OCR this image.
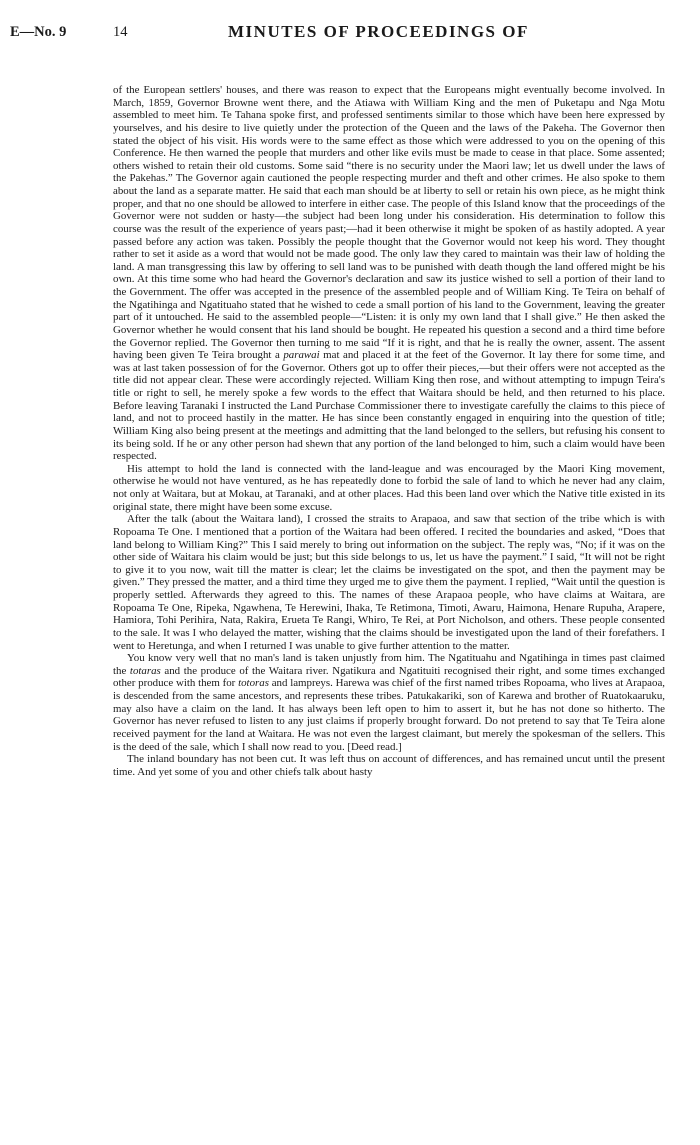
E—No. 9	14	MINUTES OF PROCEEDINGS OF

of the European settlers' houses, and there was reason to expect that the Europeans might eventually become involved. In March, 1859, Governor Browne went there, and the Atiawa with William King and the men of Puketapu and Nga Motu assembled to meet him. Te Tahana spoke first, and professed sentiments similar to those which have been here expressed by yourselves, and his desire to live quietly under the protection of the Queen and the laws of the Pakeha. The Governor then stated the object of his visit. His words were to the same effect as those which were addressed to you on the opening of this Conference. He then warned the people that murders and other like evils must be made to cease in that place. Some assented; others wished to retain their old customs. Some said “there is no security under the Maori law; let us dwell under the laws of the Pakehas.” The Governor again cautioned the people respecting murder and theft and other crimes. He also spoke to them about the land as a separate matter. He said that each man should be at liberty to sell or retain his own piece, as he might think proper, and that no one should be allowed to interfere in either case. The people of this Island know that the proceedings of the Governor were not sudden or hasty—the subject had been long under his consideration. His determination to follow this course was the result of the experience of years past;—had it been otherwise it might be spoken of as hastily adopted. A year passed before any action was taken. Possibly the people thought that the Governor would not keep his word. They thought rather to set it aside as a word that would not be made good. The only law they cared to maintain was their law of holding the land. A man transgressing this law by offering to sell land was to be punished with death though the land offered might be his own. At this time some who had heard the Governor's declaration and saw its justice wished to sell a portion of their land to the Government. The offer was accepted in the presence of the assembled people and of William King. Te Teira on behalf of the Ngatihinga and Ngatituaho stated that he wished to cede a small portion of his land to the Government, leaving the greater part of it untouched. He said to the assembled people—“Listen: it is only my own land that I shall give.” He then asked the Governor whether he would consent that his land should be bought. He repeated his question a second and a third time before the Governor replied. The Governor then turning to me said “If it is right, and that he is really the owner, assent. The assent having been given Te Teira brought a parawai mat and placed it at the feet of the Governor. It lay there for some time, and was at last taken possession of for the Governor. Others got up to offer their pieces,—but their offers were not accepted as the title did not appear clear. These were accordingly rejected. William King then rose, and without attempting to impugn Teira's title or right to sell, he merely spoke a few words to the effect that Waitara should be held, and then returned to his place. Before leaving Taranaki I instructed the Land Purchase Commissioner there to investigate carefully the claims to this piece of land, and not to proceed hastily in the matter. He has since been constantly engaged in enquiring into the question of title; William King also being present at the meetings and admitting that the land belonged to the sellers, but refusing his consent to its being sold. If he or any other person had shewn that any portion of the land belonged to him, such a claim would have been respected.

His attempt to hold the land is connected with the land-league and was encouraged by the Maori King movement, otherwise he would not have ventured, as he has repeatedly done to forbid the sale of land to which he never had any claim, not only at Waitara, but at Mokau, at Taranaki, and at other places. Had this been land over which the Native title existed in its original state, there might have been some excuse.

After the talk (about the Waitara land), I crossed the straits to Arapaoa, and saw that section of the tribe which is with Ropoama Te One. I mentioned that a portion of the Waitara had been offered. I recited the boundaries and asked, “Does that land belong to William King?” This I said merely to bring out information on the subject. The reply was, “No; if it was on the other side of Waitara his claim would be just; but this side belongs to us, let us have the payment.” I said, “It will not be right to give it to you now, wait till the matter is clear; let the claims be investigated on the spot, and then the payment may be given.” They pressed the matter, and a third time they urged me to give them the payment. I replied, “Wait until the question is properly settled. Afterwards they agreed to this. The names of these Arapaoa people, who have claims at Waitara, are Ropoama Te One, Ripeka, Ngawhena, Te Herewini, Ihaka, Te Retimona, Timoti, Awaru, Haimona, Henare Rupuha, Arapere, Hamiora, Tohi Perihira, Nata, Rakira, Erueta Te Rangi, Whiro, Te Rei, at Port Nicholson, and others. These people consented to the sale. It was I who delayed the matter, wishing that the claims should be investigated upon the land of their forefathers. I went to Heretunga, and when I returned I was unable to give further attention to the matter.

You know very well that no man's land is taken unjustly from him. The Ngatituahu and Ngatihinga in times past claimed the totaras and the produce of the Waitara river. Ngatikura and Ngatituiti recognised their right, and some times exchanged other produce with them for totoras and lampreys. Harewa was chief of the first named tribes Ropoama, who lives at Arapaoa, is descended from the same ancestors, and represents these tribes. Patukakariki, son of Karewa and brother of Ruatokaaruku, may also have a claim on the land. It has always been left open to him to assert it, but he has not done so hitherto. The Governor has never refused to listen to any just claims if properly brought forward. Do not pretend to say that Te Teira alone received payment for the land at Waitara. He was not even the largest claimant, but merely the spokesman of the sellers. This is the deed of the sale, which I shall now read to you. [Deed read.]

The inland boundary has not been cut. It was left thus on account of differences, and has remained uncut until the present time. And yet some of you and other chiefs talk about hasty
